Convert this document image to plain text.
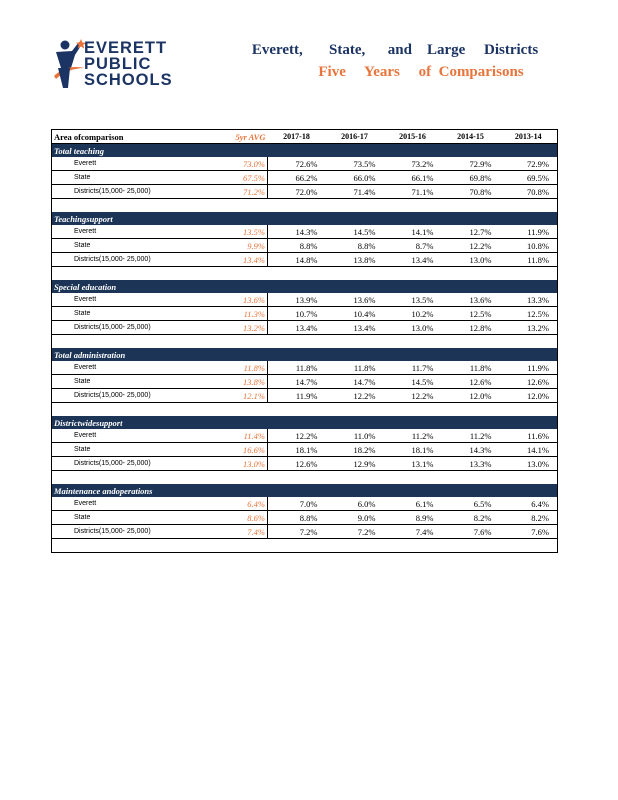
EVERETT
PUBLIC
SCHOOLS
Everett,       State,      and    Large     Districts
Five     Years     of  Comparisons
Area ofcomparison	5yr AVG	2017-18	2016-17	2015-16	2014-15	2013-14
Total teaching						
Everett	73.0%	72.6%	73.5%	73.2%	72.9%	72.9%
State	67.5%	66.2%	66.0%	66.1%	69.8%	69.5%
Districts(15,000- 25,000)	71.2%	72.0%	71.4%	71.1%	70.8%	70.8%

Teachingsupport						
Everett	13.5%	14.3%	14.5%	14.1%	12.7%	11.9%
State	9.9%	8.8%	8.8%	8.7%	12.2%	10.8%
Districts(15,000- 25,000)	13.4%	14.8%	13.8%	13.4%	13.0%	11.8%

Special education						
Everett	13.6%	13.9%	13.6%	13.5%	13.6%	13.3%
State	11.3%	10.7%	10.4%	10.2%	12.5%	12.5%
Districts(15,000- 25,000)	13.2%	13.4%	13.4%	13.0%	12.8%	13.2%

Total administration						
Everett	11.8%	11.8%	11.8%	11.7%	11.8%	11.9%
State	13.8%	14.7%	14.7%	14.5%	12.6%	12.6%
Districts(15,000- 25,000)	12.1%	11.9%	12.2%	12.2%	12.0%	12.0%

Districtwidesupport						
Everett	11.4%	12.2%	11.0%	11.2%	11.2%	11.6%
State	16.6%	18.1%	18.2%	18.1%	14.3%	14.1%
Districts(15,000- 25,000)	13.0%	12.6%	12.9%	13.1%	13.3%	13.0%

Maintenance andoperations						
Everett	6.4%	7.0%	6.0%	6.1%	6.5%	6.4%
State	8.6%	8.8%	9.0%	8.9%	8.2%	8.2%
Districts(15,000- 25,000)	7.4%	7.2%	7.2%	7.4%	7.6%	7.6%
